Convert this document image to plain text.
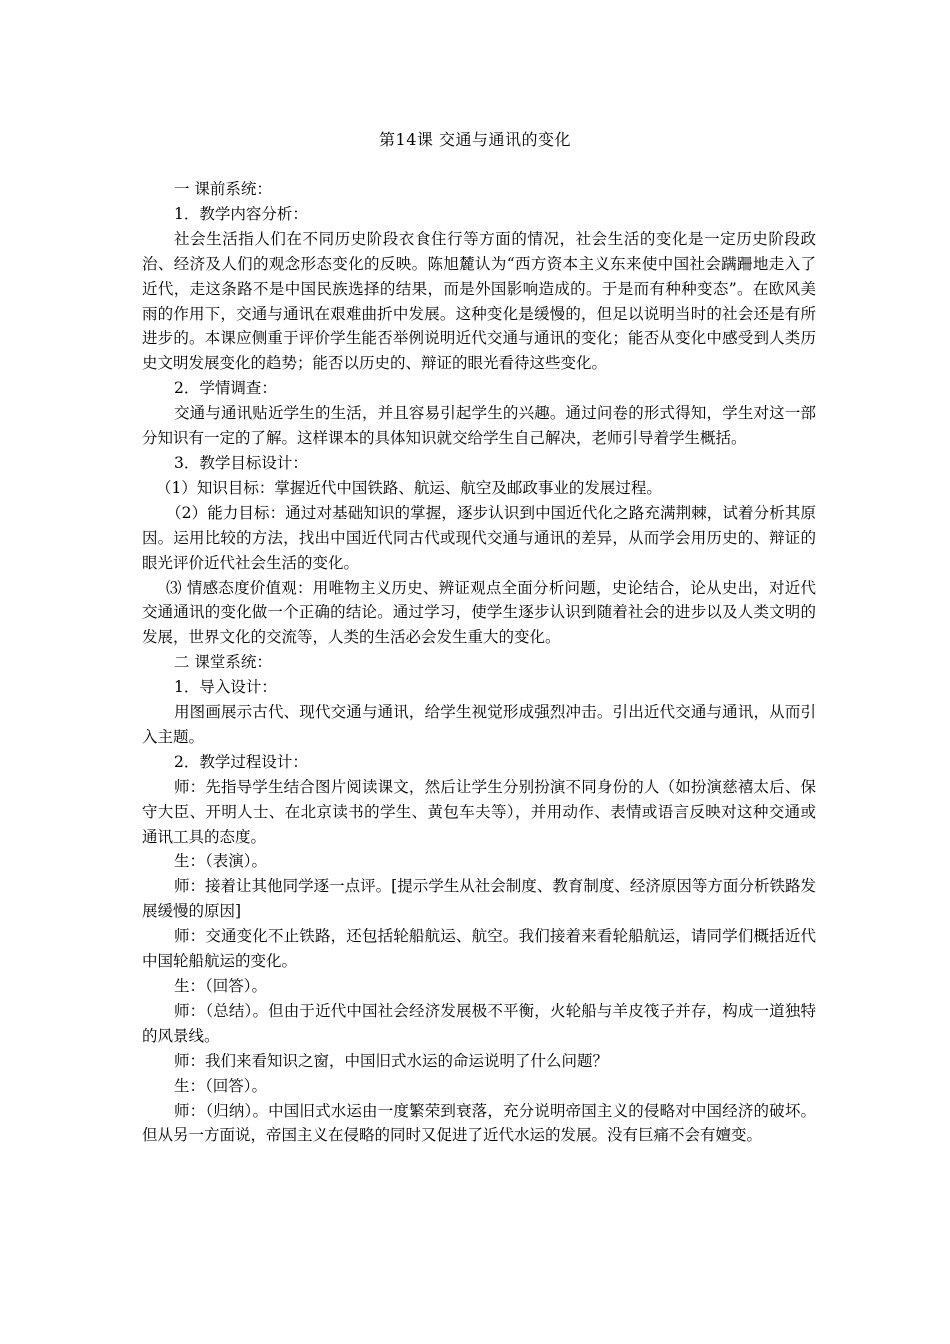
第14课 交通与通讯的变化

一 课前系统：

1．教学内容分析：

社会生活指人们在不同历史阶段衣食住行等方面的情况，社会生活的变化是一定历史阶段政治、经济及人们的观念形态变化的反映。陈旭麓认为“西方资本主义东来使中国社会蹒跚地走入了近代，走这条路不是中国民族选择的结果，而是外国影响造成的。于是而有种种变态”。在欧风美雨的作用下，交通与通讯在艰难曲折中发展。这种变化是缓慢的，但足以说明当时的社会还是有所进步的。本课应侧重于评价学生能否举例说明近代交通与通讯的变化；能否从变化中感受到人类历史文明发展变化的趋势；能否以历史的、辩证的眼光看待这些变化。

2．学情调查：

交通与通讯贴近学生的生活，并且容易引起学生的兴趣。通过问卷的形式得知，学生对这一部分知识有一定的了解。这样课本的具体知识就交给学生自己解决，老师引导着学生概括。

3．教学目标设计：

（1）知识目标：掌握近代中国铁路、航运、航空及邮政事业的发展过程。

（2）能力目标：通过对基础知识的掌握，逐步认识到中国近代化之路充满荆棘，试着分析其原因。运用比较的方法，找出中国近代同古代或现代交通与通讯的差异，从而学会用历史的、辩证的眼光评价近代社会生活的变化。

⑶ 情感态度价值观：用唯物主义历史、辨证观点全面分析问题，史论结合，论从史出，对近代交通通讯的变化做一个正确的结论。通过学习，使学生逐步认识到随着社会的进步以及人类文明的发展，世界文化的交流等，人类的生活必会发生重大的变化。

二 课堂系统：

1．导入设计：

用图画展示古代、现代交通与通讯，给学生视觉形成强烈冲击。引出近代交通与通讯，从而引入主题。

2．教学过程设计：

师：先指导学生结合图片阅读课文，然后让学生分别扮演不同身份的人（如扮演慈禧太后、保守大臣、开明人士、在北京读书的学生、黄包车夫等），并用动作、表情或语言反映对这种交通或通讯工具的态度。

生：（表演）。

师：接着让其他同学逐一点评。[提示学生从社会制度、教育制度、经济原因等方面分析铁路发展缓慢的原因]

师：交通变化不止铁路，还包括轮船航运、航空。我们接着来看轮船航运，请同学们概括近代中国轮船航运的变化。

生：（回答）。

师：（总结）。但由于近代中国社会经济发展极不平衡，火轮船与羊皮筏子并存，构成一道独特的风景线。

师：我们来看知识之窗，中国旧式水运的命运说明了什么问题？

生：（回答）。

师：（归纳）。中国旧式水运由一度繁荣到衰落，充分说明帝国主义的侵略对中国经济的破坏。但从另一方面说，帝国主义在侵略的同时又促进了近代水运的发展。没有巨痛不会有嬗变。
